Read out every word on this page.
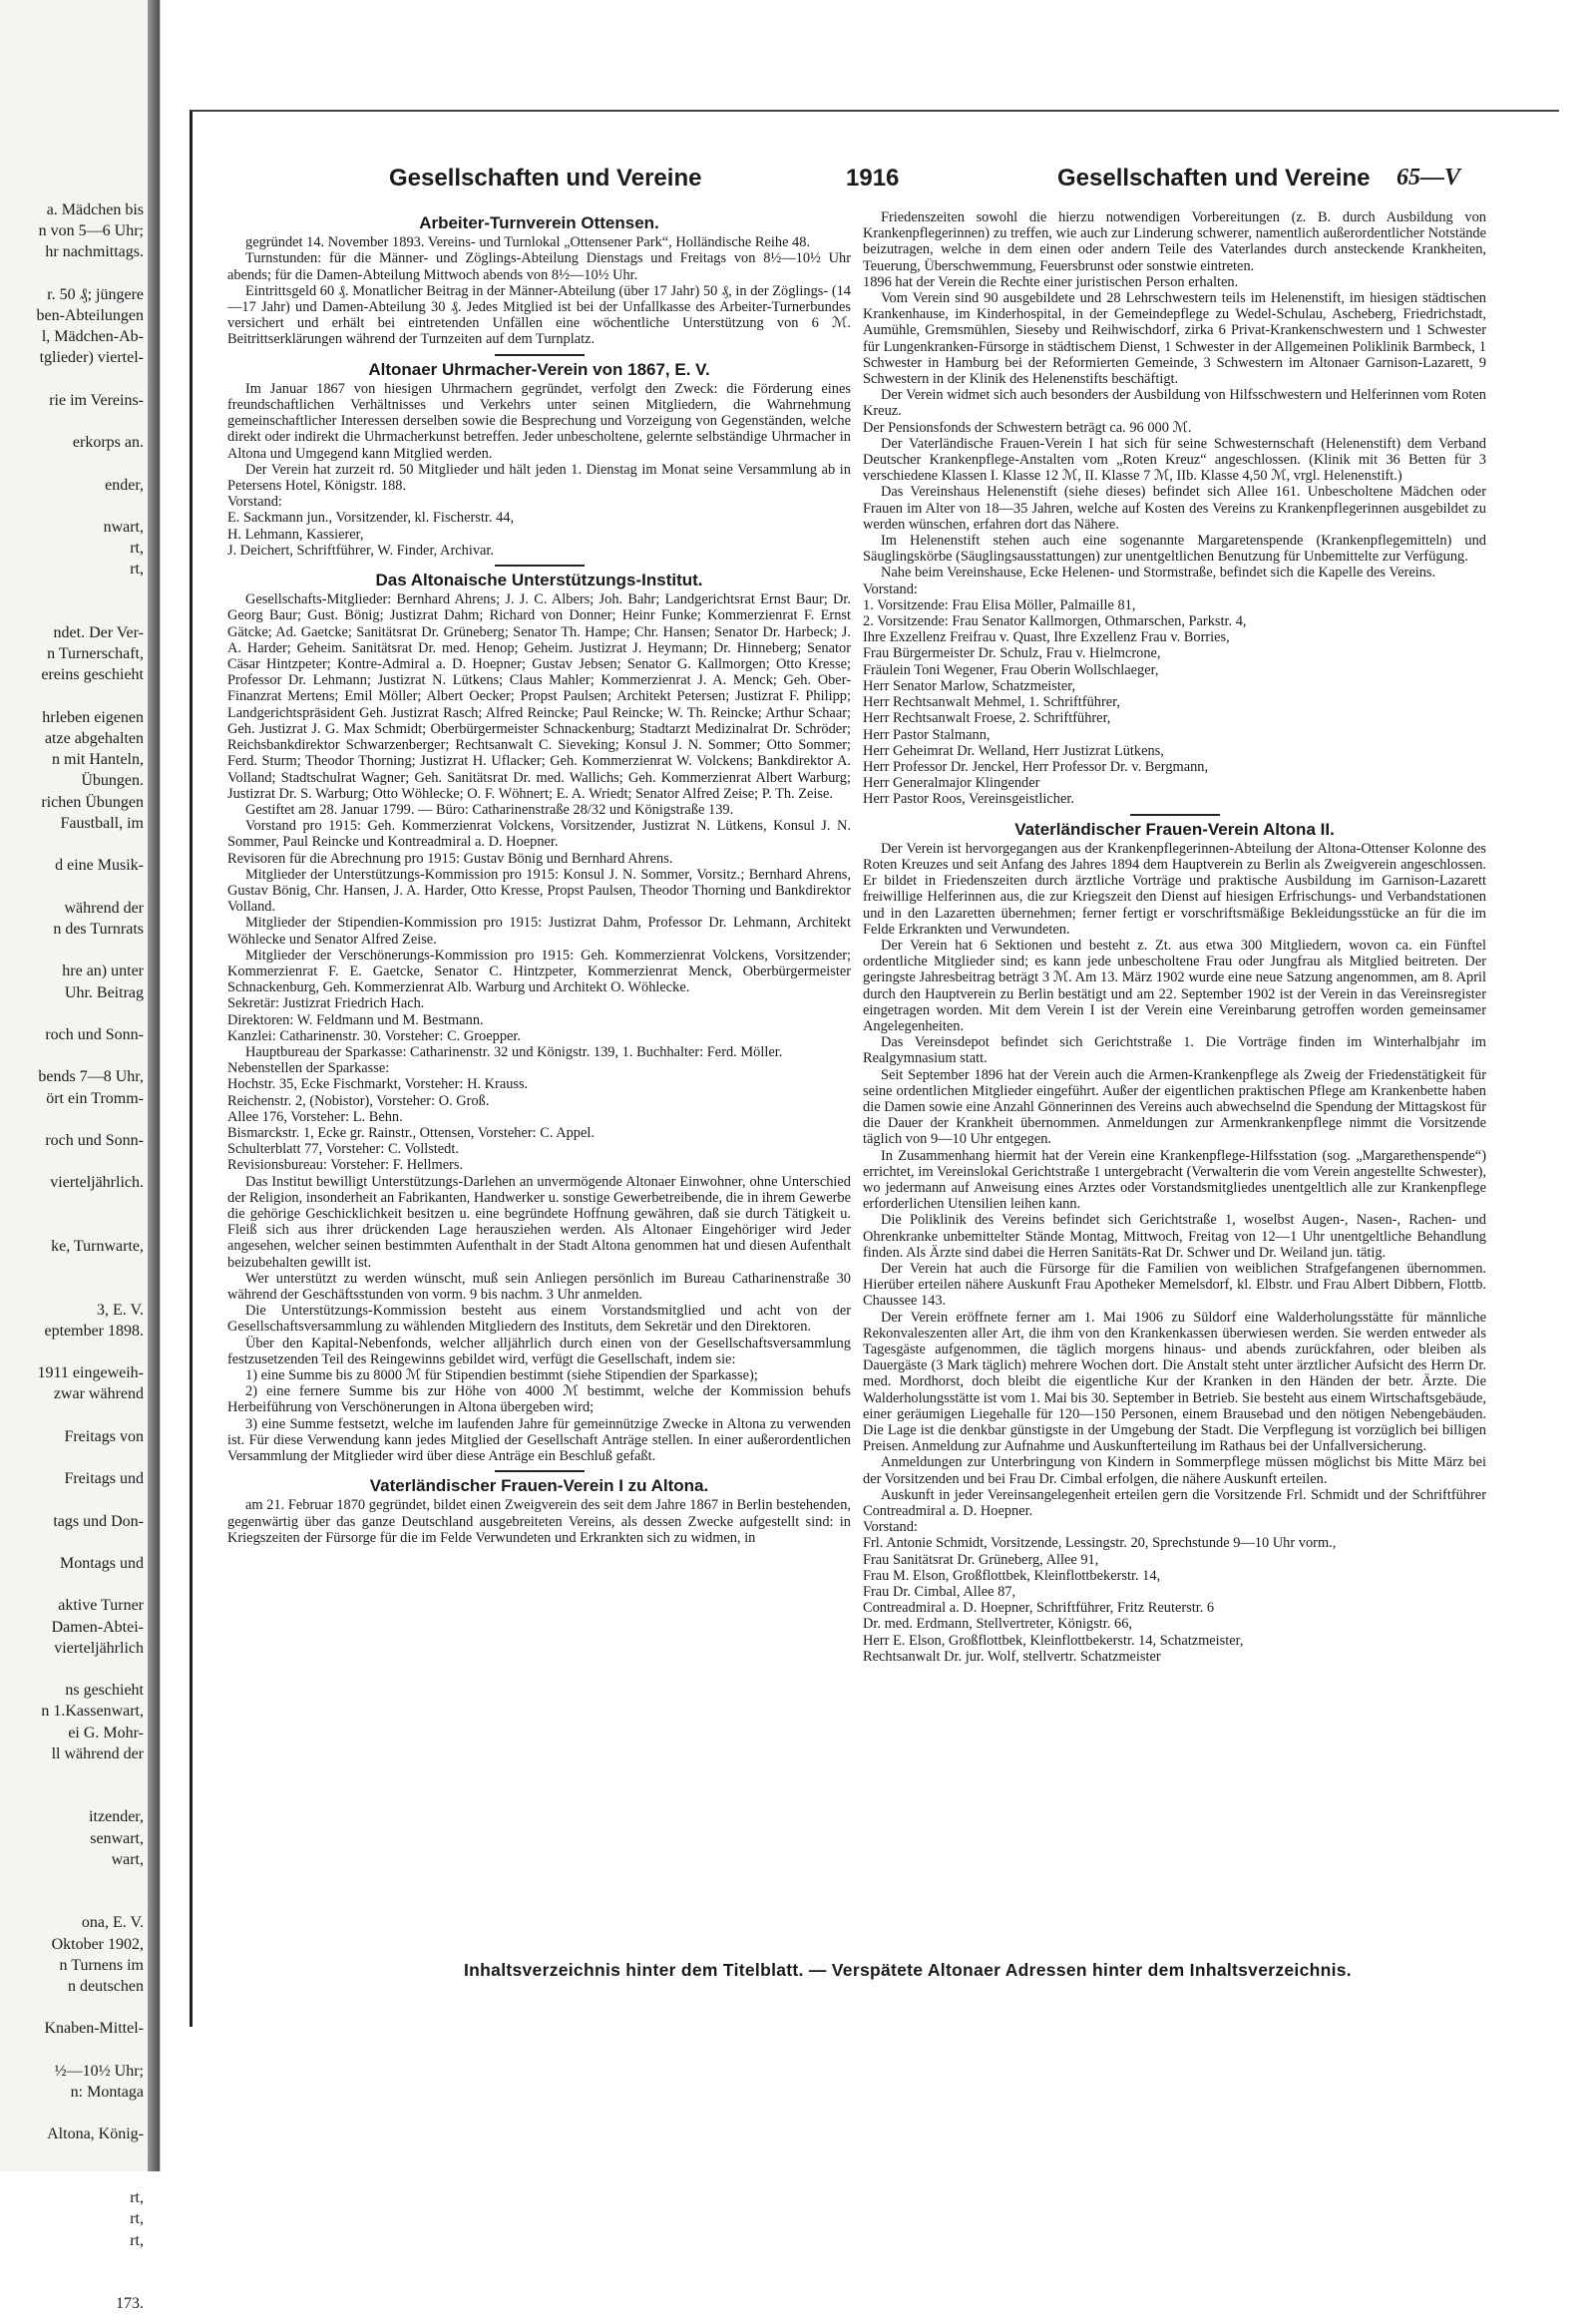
a. Mädchen bis
n von 5—6 Uhr;
hr nachmittags.

r. 50 ₰; jüngere
ben-Abteilungen
l, Mädchen-Ab-
tglieder) viertel-

rie im Vereins-

erkorps an.

ender,

nwart,
rt,
rt,

ndet. Der Ver-
n Turnerschaft,
ereins geschieht

hrleben eigenen
atze abgehalten
n mit Hanteln,
Übungen.
richen Übungen
Faustball, im

d eine Musik-

während der
n des Turnrats

hre an) unter
Uhr. Beitrag

roch und Sonn-

bends 7—8 Uhr,
ört ein Tromm-

roch und Sonn-

vierteljährlich.

ke, Turnwarte,

3, E. V.
eptember 1898.

1911 eingeweih-
zwar während

Freitags von

Freitags und

tags und Don-

Montags und

aktive Turner
Damen-Abtei-
vierteljährlich

ns geschieht
n 1.Kassenwart,
ei G. Mohr-
ll während der

itzender,
senwart,
wart,

ona, E. V.
Oktober 1902,
n Turnens im
n deutschen

Knaben-Mittel-

½—10½ Uhr;
n: Montaga

Altona, König-

rt,
rt,
rt,

173.
Gesellschaften und Vereine	1916	Gesellschaften und Vereine 65—V
Arbeiter-Turnverein Ottensen.

gegründet 14. November 1893. Vereins- und Turnlokal „Ottensener Park“, Holländische Reihe 48.

Turnstunden: für die Männer- und Zöglings-Abteilung Dienstags und Freitags von 8½—10½ Uhr abends; für die Damen-Abteilung Mittwoch abends von 8½—10½ Uhr.

Eintrittsgeld 60 ₰. Monatlicher Beitrag in der Männer-Abteilung (über 17 Jahr) 50 ₰, in der Zöglings- (14—17 Jahr) und Damen-Abteilung 30 ₰. Jedes Mitglied ist bei der Unfallkasse des Arbeiter-Turnerbundes versichert und erhält bei eintretenden Unfällen eine wöchentliche Unterstützung von 6 ℳ. Beitrittserklärungen während der Turnzeiten auf dem Turnplatz.

Altonaer Uhrmacher-Verein von 1867, E. V.

Im Januar 1867 von hiesigen Uhrmachern gegründet, verfolgt den Zweck: die Förderung eines freundschaftlichen Verhältnisses und Verkehrs unter seinen Mitgliedern, die Wahrnehmung gemeinschaftlicher Interessen derselben sowie die Besprechung und Vorzeigung von Gegenständen, welche direkt oder indirekt die Uhrmacherkunst betreffen. Jeder unbescholtene, gelernte selbständige Uhrmacher in Altona und Umgegend kann Mitglied werden.

Der Verein hat zurzeit rd. 50 Mitglieder und hält jeden 1. Dienstag im Monat seine Versammlung ab in Petersens Hotel, Königstr. 188.

Vorstand:

E. Sackmann jun., Vorsitzender, kl. Fischerstr. 44,

H. Lehmann, Kassierer,

J. Deichert, Schriftführer, W. Finder, Archivar.

Das Altonaische Unterstützungs-Institut.

Gesellschafts-Mitglieder: Bernhard Ahrens; J. J. C. Albers; Joh. Bahr; Landgerichtsrat Ernst Baur; Dr. Georg Baur; Gust. Bönig; Justizrat Dahm; Richard von Donner; Heinr Funke; Kommerzienrat F. Ernst Gätcke; Ad. Gaetcke; Sanitätsrat Dr. Grüneberg; Senator Th. Hampe; Chr. Hansen; Senator Dr. Harbeck; J. A. Harder; Geheim. Sanitätsrat Dr. med. Henop; Geheim. Justizrat J. Heymann; Dr. Hinneberg; Senator Cäsar Hintzpeter; Kontre-Admiral a. D. Hoepner; Gustav Jebsen; Senator G. Kallmorgen; Otto Kresse; Professor Dr. Lehmann; Justizrat N. Lütkens; Claus Mahler; Kommerzienrat J. A. Menck; Geh. Ober-Finanzrat Mertens; Emil Möller; Albert Oecker; Propst Paulsen; Architekt Petersen; Justizrat F. Philipp; Landgerichtspräsident Geh. Justizrat Rasch; Alfred Reincke; Paul Reincke; W. Th. Reincke; Arthur Schaar; Geh. Justizrat J. G. Max Schmidt; Oberbürgermeister Schnackenburg; Stadtarzt Medizinalrat Dr. Schröder; Reichsbankdirektor Schwarzenberger; Rechtsanwalt C. Sieveking; Konsul J. N. Sommer; Otto Sommer; Ferd. Sturm; Theodor Thorning; Justizrat H. Uflacker; Geh. Kommerzienrat W. Volckens; Bankdirektor A. Volland; Stadtschulrat Wagner; Geh. Sanitätsrat Dr. med. Wallichs; Geh. Kommerzienrat Albert Warburg; Justizrat Dr. S. Warburg; Otto Wöhlecke; O. F. Wöhnert; E. A. Wriedt; Senator Alfred Zeise; P. Th. Zeise.

Gestiftet am 28. Januar 1799. — Büro: Catharinenstraße 28/32 und Königstraße 139.

Vorstand pro 1915: Geh. Kommerzienrat Volckens, Vorsitzender, Justizrat N. Lütkens, Konsul J. N. Sommer, Paul Reincke und Kontreadmiral a. D. Hoepner.

Revisoren für die Abrechnung pro 1915: Gustav Bönig und Bernhard Ahrens.

Mitglieder der Unterstützungs-Kommission pro 1915: Konsul J. N. Sommer, Vorsitz.; Bernhard Ahrens, Gustav Bönig, Chr. Hansen, J. A. Harder, Otto Kresse, Propst Paulsen, Theodor Thorning und Bankdirektor Volland.

Mitglieder der Stipendien-Kommission pro 1915: Justizrat Dahm, Professor Dr. Lehmann, Architekt Wöhlecke und Senator Alfred Zeise.

Mitglieder der Verschönerungs-Kommission pro 1915: Geh. Kommerzienrat Volckens, Vorsitzender; Kommerzienrat F. E. Gaetcke, Senator C. Hintzpeter, Kommerzienrat Menck, Oberbürgermeister Schnackenburg, Geh. Kommerzienrat Alb. Warburg und Architekt O. Wöhlecke.

Sekretär: Justizrat Friedrich Hach.

Direktoren: W. Feldmann und M. Bestmann.

Kanzlei: Catharinenstr. 30. Vorsteher: C. Groepper.

Hauptbureau der Sparkasse: Catharinenstr. 32 und Königstr. 139, 1. Buchhalter: Ferd. Möller.

Nebenstellen der Sparkasse:

Hochstr. 35, Ecke Fischmarkt, Vorsteher: H. Krauss.

Reichenstr. 2, (Nobistor), Vorsteher: O. Groß.

Allee 176, Vorsteher: L. Behn.

Bismarckstr. 1, Ecke gr. Rainstr., Ottensen, Vorsteher: C. Appel.

Schulterblatt 77, Vorsteher: C. Vollstedt.

Revisionsbureau: Vorsteher: F. Hellmers.

Das Institut bewilligt Unterstützungs-Darlehen an unvermögende Altonaer Einwohner, ohne Unterschied der Religion, insonderheit an Fabrikanten, Handwerker u. sonstige Gewerbetreibende, die in ihrem Gewerbe die gehörige Geschicklichkeit besitzen u. eine begründete Hoffnung gewähren, daß sie durch Tätigkeit u. Fleiß sich aus ihrer drückenden Lage herausziehen werden. Als Altonaer Eingehöriger wird Jeder angesehen, welcher seinen bestimmten Aufenthalt in der Stadt Altona genommen hat und diesen Aufenthalt beizubehalten gewillt ist.

Wer unterstützt zu werden wünscht, muß sein Anliegen persönlich im Bureau Catharinenstraße 30 während der Geschäftsstunden von vorm. 9 bis nachm. 3 Uhr anmelden.

Die Unterstützungs-Kommission besteht aus einem Vorstandsmitglied und acht von der Gesellschaftsversammlung zu wählenden Mitgliedern des Instituts, dem Sekretär und den Direktoren.

Über den Kapital-Nebenfonds, welcher alljährlich durch einen von der Gesellschaftsversammlung festzusetzenden Teil des Reingewinns gebildet wird, verfügt die Gesellschaft, indem sie:

1) eine Summe bis zu 8000 ℳ für Stipendien bestimmt (siehe Stipendien der Sparkasse);

2) eine fernere Summe bis zur Höhe von 4000 ℳ bestimmt, welche der Kommission behufs Herbeiführung von Verschönerungen in Altona übergeben wird;

3) eine Summe festsetzt, welche im laufenden Jahre für gemeinnützige Zwecke in Altona zu verwenden ist. Für diese Verwendung kann jedes Mitglied der Gesellschaft Anträge stellen. In einer außerordentlichen Versammlung der Mitglieder wird über diese Anträge ein Beschluß gefaßt.

Vaterländischer Frauen-Verein I zu Altona.

am 21. Februar 1870 gegründet, bildet einen Zweigverein des seit dem Jahre 1867 in Berlin bestehenden, gegenwärtig über das ganze Deutschland ausgebreiteten Vereins, als dessen Zwecke aufgestellt sind: in Kriegszeiten der Fürsorge für die im Felde Verwundeten und Erkrankten sich zu widmen, in

Friedenszeiten sowohl die hierzu notwendigen Vorbereitungen (z. B. durch Ausbildung von Krankenpflegerinnen) zu treffen, wie auch zur Linderung schwerer, namentlich außerordentlicher Notstände beizutragen, welche in dem einen oder andern Teile des Vaterlandes durch ansteckende Krankheiten, Teuerung, Überschwemmung, Feuersbrunst oder sonstwie eintreten.

1896 hat der Verein die Rechte einer juristischen Person erhalten.

Vom Verein sind 90 ausgebildete und 28 Lehrschwestern teils im Helenenstift, im hiesigen städtischen Krankenhause, im Kinderhospital, in der Gemeindepflege zu Wedel-Schulau, Ascheberg, Friedrichstadt, Aumühle, Gremsmühlen, Sieseby und Reihwischdorf, zirka 6 Privat-Krankenschwestern und 1 Schwester für Lungenkranken-Fürsorge in städtischem Dienst, 1 Schwester in der Allgemeinen Poliklinik Barmbeck, 1 Schwester in Hamburg bei der Reformierten Gemeinde, 3 Schwestern im Altonaer Garnison-Lazarett, 9 Schwestern in der Klinik des Helenenstifts beschäftigt.

Der Verein widmet sich auch besonders der Ausbildung von Hilfsschwestern und Helferinnen vom Roten Kreuz.

Der Pensionsfonds der Schwestern beträgt ca. 96 000 ℳ.

Der Vaterländische Frauen-Verein I hat sich für seine Schwesternschaft (Helenenstift) dem Verband Deutscher Krankenpflege-Anstalten vom „Roten Kreuz“ angeschlossen. (Klinik mit 36 Betten für 3 verschiedene Klassen I. Klasse 12 ℳ, II. Klasse 7 ℳ, IIb. Klasse 4,50 ℳ, vrgl. Helenenstift.)

Das Vereinshaus Helenenstift (siehe dieses) befindet sich Allee 161. Unbescholtene Mädchen oder Frauen im Alter von 18—35 Jahren, welche auf Kosten des Vereins zu Krankenpflegerinnen ausgebildet zu werden wünschen, erfahren dort das Nähere.

Im Helenenstift stehen auch eine sogenannte Margaretenspende (Krankenpflegemitteln) und Säuglingskörbe (Säuglingsausstattungen) zur unentgeltlichen Benutzung für Unbemittelte zur Verfügung.

Nahe beim Vereinshause, Ecke Helenen- und Stormstraße, befindet sich die Kapelle des Vereins.

Vorstand:

1. Vorsitzende: Frau Elisa Möller, Palmaille 81,

2. Vorsitzende: Frau Senator Kallmorgen, Othmarschen, Parkstr. 4,

Ihre Exzellenz Freifrau v. Quast, Ihre Exzellenz Frau v. Borries,

Frau Bürgermeister Dr. Schulz, Frau v. Hielmcrone,

Fräulein Toni Wegener, Frau Oberin Wollschlaeger,

Herr Senator Marlow, Schatzmeister,

Herr Rechtsanwalt Mehmel, 1. Schriftführer,

Herr Rechtsanwalt Froese, 2. Schriftführer,

Herr Pastor Stalmann,

Herr Geheimrat Dr. Welland, Herr Justizrat Lütkens,

Herr Professor Dr. Jenckel, Herr Professor Dr. v. Bergmann,

Herr Generalmajor Klingender

Herr Pastor Roos, Vereinsgeistlicher.

Vaterländischer Frauen-Verein Altona II.

Der Verein ist hervorgegangen aus der Krankenpflegerinnen-Abteilung der Altona-Ottenser Kolonne des Roten Kreuzes und seit Anfang des Jahres 1894 dem Hauptverein zu Berlin als Zweigverein angeschlossen. Er bildet in Friedenszeiten durch ärztliche Vorträge und praktische Ausbildung im Garnison-Lazarett freiwillige Helferinnen aus, die zur Kriegszeit den Dienst auf hiesigen Erfrischungs- und Verbandstationen und in den Lazaretten übernehmen; ferner fertigt er vorschriftsmäßige Bekleidungsstücke an für die im Felde Erkrankten und Verwundeten.

Der Verein hat 6 Sektionen und besteht z. Zt. aus etwa 300 Mitgliedern, wovon ca. ein Fünftel ordentliche Mitglieder sind; es kann jede unbescholtene Frau oder Jungfrau als Mitglied beitreten. Der geringste Jahresbeitrag beträgt 3 ℳ. Am 13. März 1902 wurde eine neue Satzung angenommen, am 8. April durch den Hauptverein zu Berlin bestätigt und am 22. September 1902 ist der Verein in das Vereinsregister eingetragen worden. Mit dem Verein I ist der Verein eine Vereinbarung getroffen worden gemeinsamer Angelegenheiten.

Das Vereinsdepot befindet sich Gerichtstraße 1. Die Vorträge finden im Winterhalbjahr im Realgymnasium statt.

Seit September 1896 hat der Verein auch die Armen-Krankenpflege als Zweig der Friedenstätigkeit für seine ordentlichen Mitglieder eingeführt. Außer der eigentlichen praktischen Pflege am Krankenbette haben die Damen sowie eine Anzahl Gönnerinnen des Vereins auch abwechselnd die Spendung der Mittagskost für die Dauer der Krankheit übernommen. Anmeldungen zur Armenkrankenpflege nimmt die Vorsitzende täglich von 9—10 Uhr entgegen.

In Zusammenhang hiermit hat der Verein eine Krankenpflege-Hilfsstation (sog. „Margarethenspende“) errichtet, im Vereinslokal Gerichtstraße 1 untergebracht (Verwalterin die vom Verein angestellte Schwester), wo jedermann auf Anweisung eines Arztes oder Vorstandsmitgliedes unentgeltlich alle zur Krankenpflege erforderlichen Utensilien leihen kann.

Die Poliklinik des Vereins befindet sich Gerichtstraße 1, woselbst Augen-, Nasen-, Rachen- und Ohrenkranke unbemittelter Stände Montag, Mittwoch, Freitag von 12—1 Uhr unentgeltliche Behandlung finden. Als Ärzte sind dabei die Herren Sanitäts-Rat Dr. Schwer und Dr. Weiland jun. tätig.

Der Verein hat auch die Fürsorge für die Familien von weiblichen Strafgefangenen übernommen. Hierüber erteilen nähere Auskunft Frau Apotheker Memelsdorf, kl. Elbstr. und Frau Albert Dibbern, Flottb. Chaussee 143.

Der Verein eröffnete ferner am 1. Mai 1906 zu Süldorf eine Walderholungsstätte für männliche Rekonvaleszenten aller Art, die ihm von den Krankenkassen überwiesen werden. Sie werden entweder als Tagesgäste aufgenommen, die täglich morgens hinaus- und abends zurückfahren, oder bleiben als Dauergäste (3 Mark täglich) mehrere Wochen dort. Die Anstalt steht unter ärztlicher Aufsicht des Herrn Dr. med. Mordhorst, doch bleibt die eigentliche Kur der Kranken in den Händen der betr. Ärzte. Die Walderholungsstätte ist vom 1. Mai bis 30. September in Betrieb. Sie besteht aus einem Wirtschaftsgebäude, einer geräumigen Liegehalle für 120—150 Personen, einem Brausebad und den nötigen Nebengebäuden. Die Lage ist die denkbar günstigste in der Umgebung der Stadt. Die Verpflegung ist vorzüglich bei billigen Preisen. Anmeldung zur Aufnahme und Auskunfterteilung im Rathaus bei der Unfallversicherung.

Anmeldungen zur Unterbringung von Kindern in Sommerpflege müssen möglichst bis Mitte März bei der Vorsitzenden und bei Frau Dr. Cimbal erfolgen, die nähere Auskunft erteilen.

Auskunft in jeder Vereinsangelegenheit erteilen gern die Vorsitzende Frl. Schmidt und der Schriftführer Contreadmiral a. D. Hoepner.

Vorstand:

Frl. Antonie Schmidt, Vorsitzende, Lessingstr. 20, Sprechstunde 9—10 Uhr vorm.,

Frau Sanitätsrat Dr. Grüneberg, Allee 91,

Frau M. Elson, Großflottbek, Kleinflottbekerstr. 14,

Frau Dr. Cimbal, Allee 87,

Contreadmiral a. D. Hoepner, Schriftführer, Fritz Reuterstr. 6

Dr. med. Erdmann, Stellvertreter, Königstr. 66,

Herr E. Elson, Großflottbek, Kleinflottbekerstr. 14, Schatzmeister,

Rechtsanwalt Dr. jur. Wolf, stellvertr. Schatzmeister

Inhaltsverzeichnis hinter dem Titelblatt. — Verspätete Altonaer Adressen hinter dem Inhaltsverzeichnis.
